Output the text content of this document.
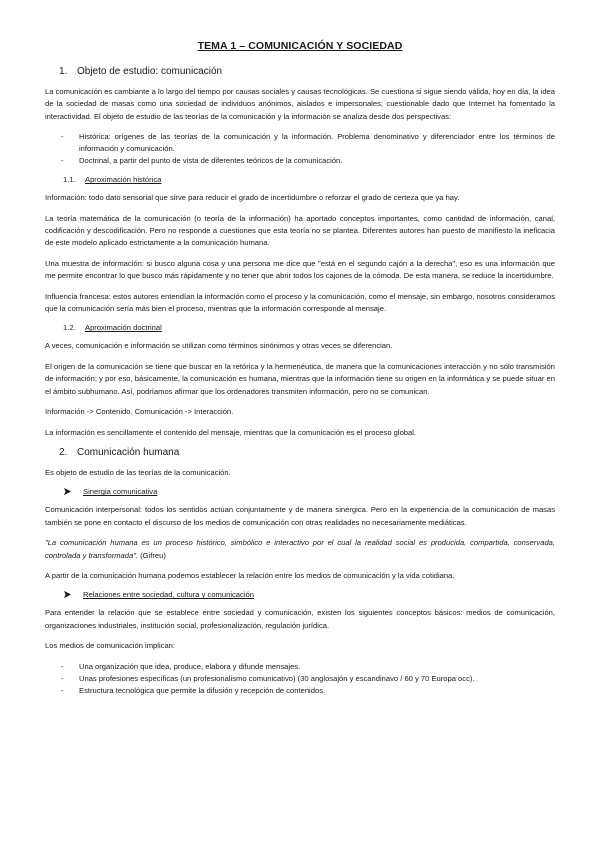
TEMA 1 – COMUNICACIÓN Y SOCIEDAD
1. Objeto de estudio: comunicación
La comunicación es cambiante a lo largo del tiempo por causas sociales y causas tecnológicas. Se cuestiona si sigue siendo válida, hoy en día, la idea de la sociedad de masas como una sociedad de individuos anónimos, aislados e impersonales; cuestionable dado que Internet ha fomentado la interactividad. El objeto de estudio de las teorías de la comunicación y la información se analiza desde dos perspectivas:
- Histórica: orígenes de las teorías de la comunicación y la información. Problema denominativo y diferenciador entre los términos de información y comunicación.
- Doctrinal, a partir del punto de vista de diferentes teóricos de la comunicación.
1.1.	Aproximación histórica
Información: todo dato sensorial que sirve para reducir el grado de incertidumbre o reforzar el grado de certeza que ya hay.
La teoría matemática de la comunicación (o teoría de la información) ha aportado conceptos importantes, como cantidad de información, canal, codificación y descodificación. Pero no responde a cuestiones que esta teoría no se plantea. Diferentes autores han puesto de manifiesto la ineficacia de este modelo aplicado estrictamente a la comunicación humana.
Una muestra de información: si busco alguna cosa y una persona me dice que "está en el segundo cajón a la derecha", eso es una información que me permite encontrar lo que busco más rápidamente y no tener que abrir todos los cajones de la cómoda. De esta manera, se reduce la incertidumbre.
Influencia francesa: estos autores entendían la información como el proceso y la comunicación, como el mensaje, sin embargo, nosotros consideramos que la comunicación sería más bien el proceso, mientras que la información corresponde al mensaje.
1.2.	Aproximación doctrinal
A veces, comunicación e información se utilizan como términos sinónimos y otras veces se diferencian.
El origen de la comunicación se tiene que buscar en la retórica y la hermenéutica, de manera que la comunicaciones interacción y no sólo transmisión de información; y por eso, básicamente, la comunicación es humana, mientras que la información tiene su origen en la informática y se puede situar en el ámbito subhumano. Así, podríamos afirmar que los ordenadores transmiten información, pero no se comunican.
Información -> Contenido. Comunicación -> Interacción.
La información es sencillamente el contenido del mensaje, mientras que la comunicación es el proceso global.
2. Comunicación humana
Es objeto de estudio de las teorías de la comunicación.
Sinergia comunicativa
Comunicación interpersonal: todos los sentidos actúan conjuntamente y de manera sinérgica. Pero en la experiencia de la comunicación de masas también se pone en contacto el discurso de los medios de comunicación con otras realidades no necesariamente mediáticas.
"La comunicación humana es un proceso histórico, simbólico e interactivo por el cual la realidad social es producida, compartida, conservada, controlada y transformada". (Gifreu)
A partir de la comunicación humana podemos establecer la relación entre los medios de comunicación y la vida cotidiana.
Relaciones entre sociedad, cultura y comunicación
Para entender la relación que se establece entre sociedad y comunicación, existen los siguientes conceptos básicos: medios de comunicación, organizaciones industriales, institución social, profesionalización, regulación jurídica.
Los medios de comunicación implican:
- Una organización que idea, produce, elabora y difunde mensajes.
- Unas profesiones específicas (un profesionalismo comunicativo) (30 anglosajón y escandinavo / 60 y 70 Europa occ).
- Estructura tecnológica que permite la difusión y recepción de contenidos.
